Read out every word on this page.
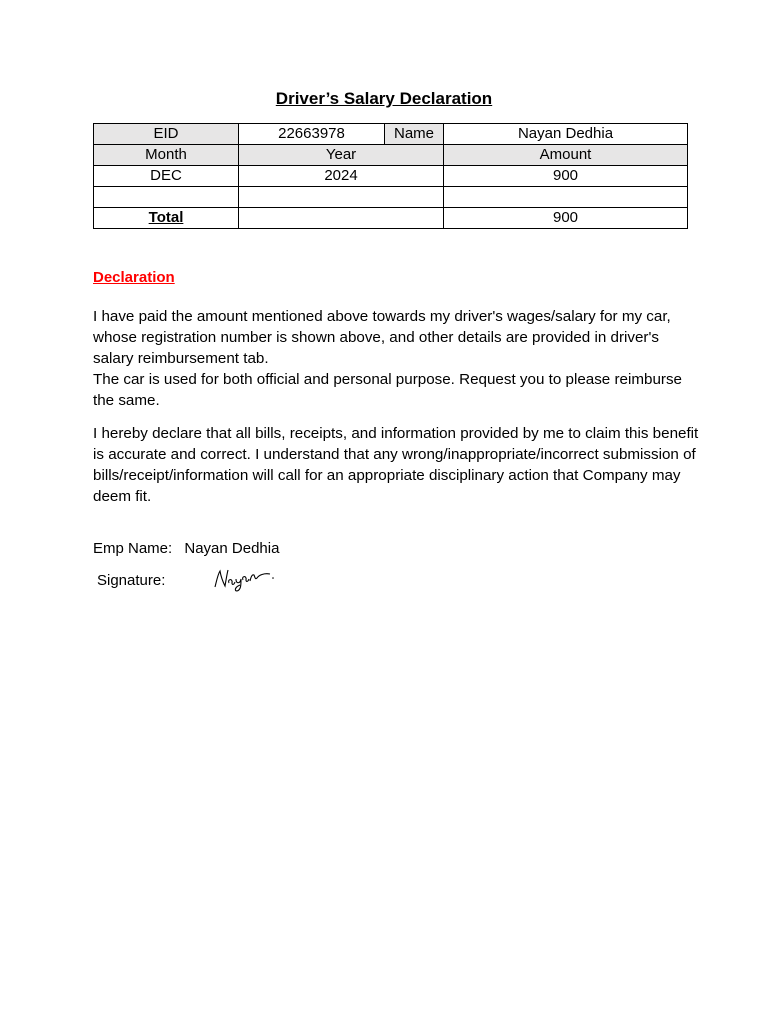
Driver’s Salary Declaration
EID	22663978	Name	Nayan Dedhia
Month	Year		Amount
DEC	2024		900

Total			900
Declaration
I have paid the amount mentioned above towards my driver's wages/salary for my car, whose registration number is shown above, and other details are provided in driver's salary reimbursement tab.
The car is used for both official and personal purpose. Request you to please reimburse the same.
I hereby declare that all bills, receipts, and information provided by me to claim this benefit is accurate and correct. I understand that any wrong/inappropriate/incorrect submission of bills/receipt/information will call for an appropriate disciplinary action that Company may deem fit.
Emp Name: Nayan Dedhia
Signature:
